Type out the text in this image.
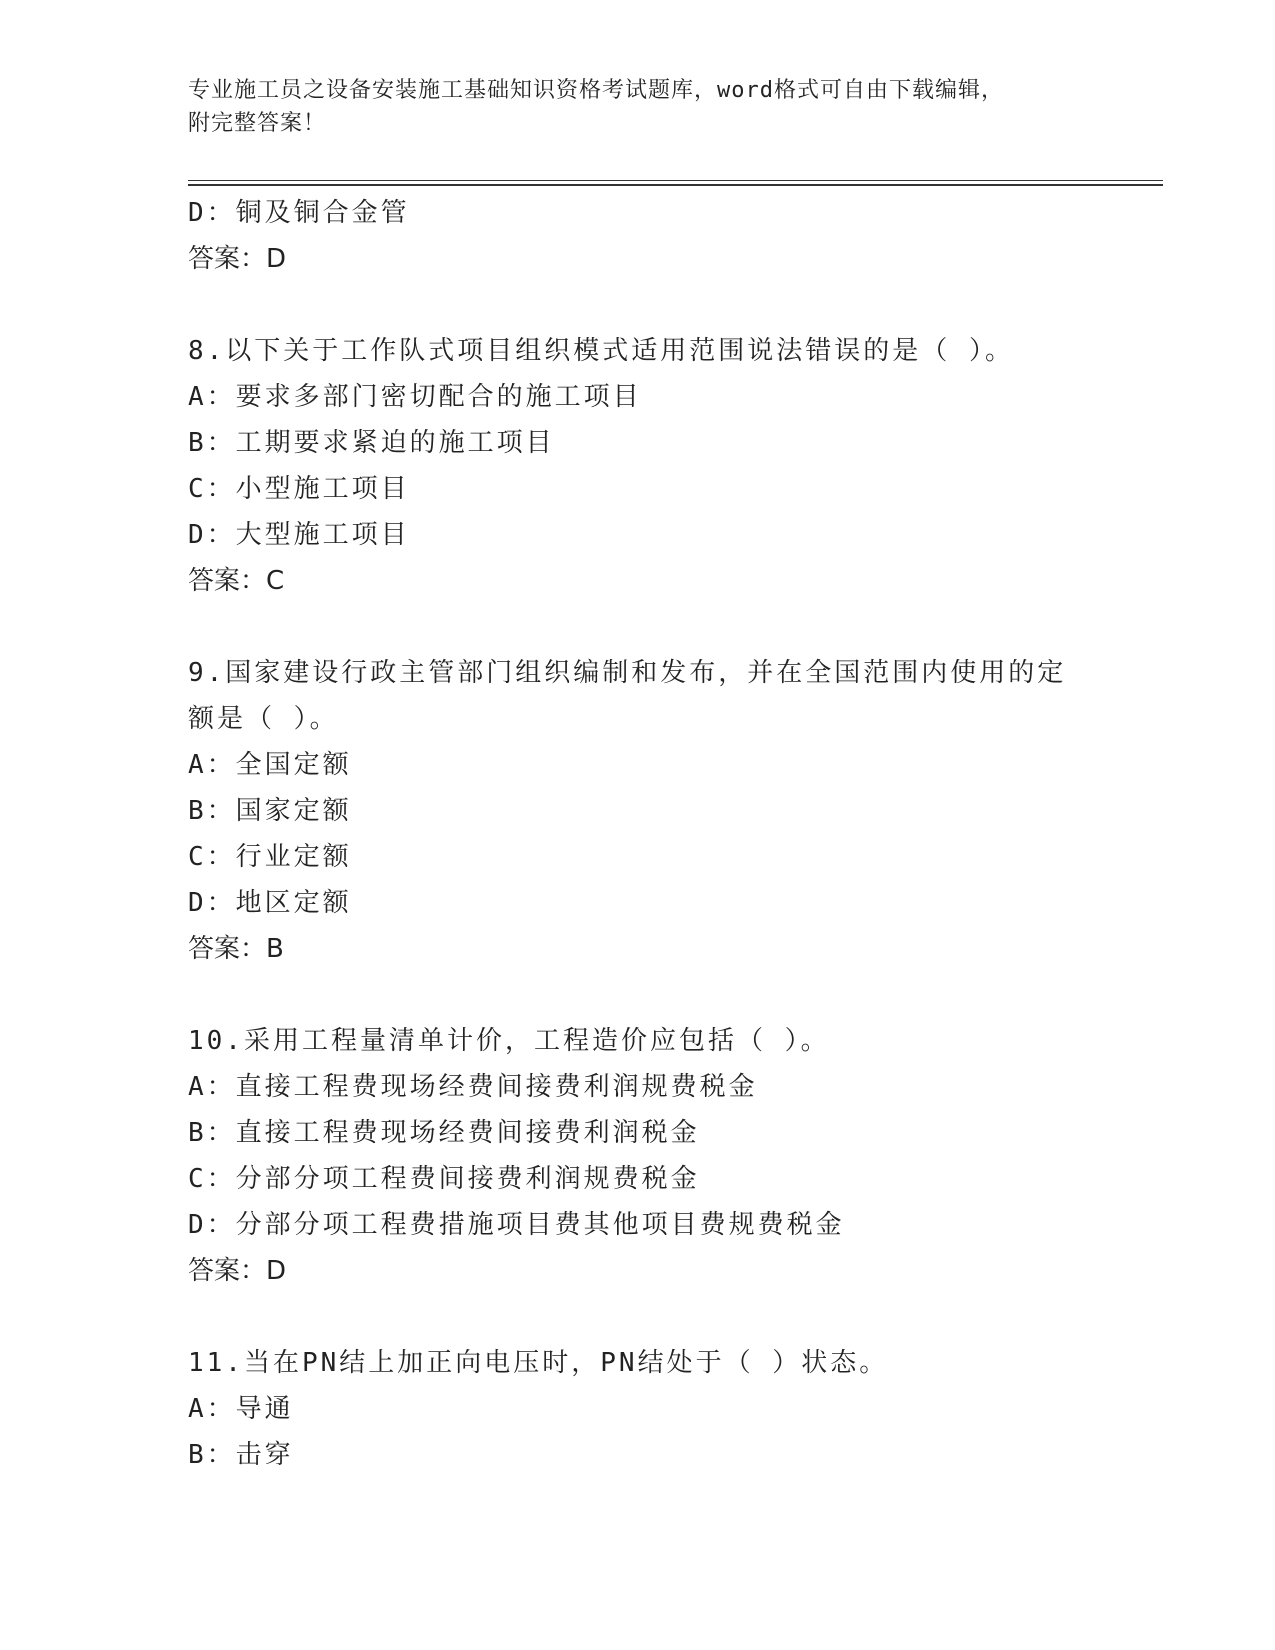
专业施工员之设备安装施工基础知识资格考试题库，word格式可自由下载编辑，
附完整答案！
D：铜及铜合金管
答案：D
8.以下关于工作队式项目组织模式适用范围说法错误的是（ ）。
A：要求多部门密切配合的施工项目
B：工期要求紧迫的施工项目
C：小型施工项目
D：大型施工项目
答案：C
9.国家建设行政主管部门组织编制和发布，并在全国范围内使用的定
额是（ ）。
A：全国定额
B：国家定额
C：行业定额
D：地区定额
答案：B
10.采用工程量清单计价，工程造价应包括（ ）。
A：直接工程费现场经费间接费利润规费税金
B：直接工程费现场经费间接费利润税金
C：分部分项工程费间接费利润规费税金
D：分部分项工程费措施项目费其他项目费规费税金
答案：D
11.当在PN结上加正向电压时，PN结处于（ ）状态。
A：导通
B：击穿
